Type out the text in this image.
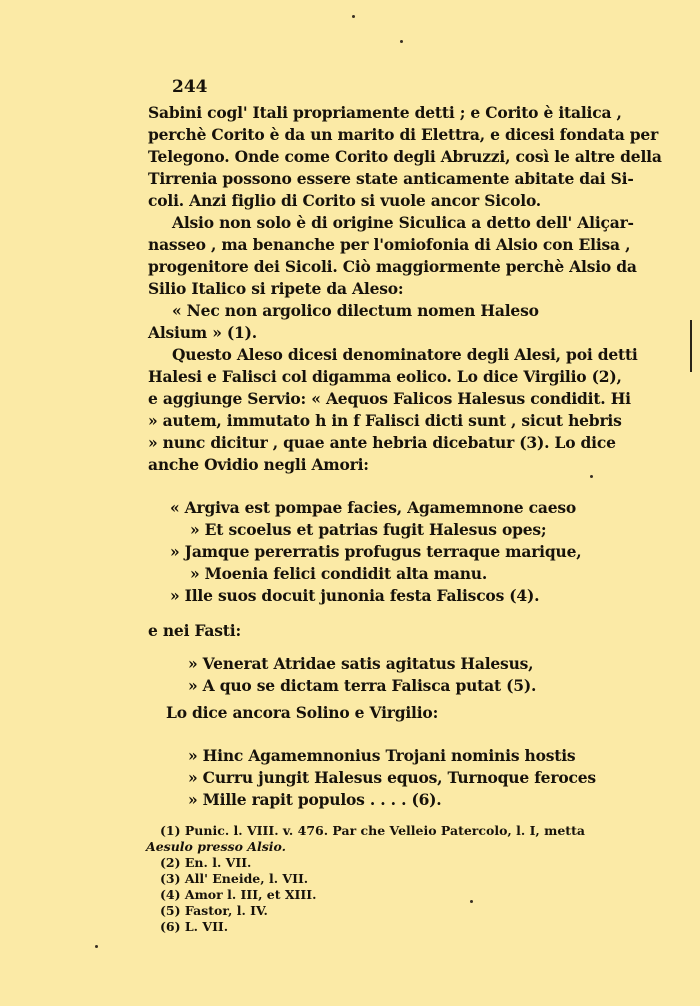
244
Sabini cogl' Itali propriamente detti ; e Corito è italica ,
perchè Corito è da un marito di Elettra, e dicesi fondata per
Telegono. Onde come Corito degli Abruzzi, così le altre della
Tirrenia possono essere state anticamente abitate dai Si-
coli. Anzi figlio di Corito si vuole ancor Sicolo.
Alsio non solo è di origine Siculica a detto dell' Aliçar-
nasseo , ma benanche per l'omiofonia di Alsio con Elisa ,
progenitore dei Sicoli. Ciò maggiormente perchè Alsio da
Silio Italico si ripete da Aleso:
« Nec non argolico dilectum nomen Haleso
Alsium » (1).
Questo Aleso dicesi denominatore degli Alesi, poi detti
Halesi e Falisci col digamma eolico. Lo dice Virgilio (2),
e aggiunge Servio: « Aequos Falicos Halesus condidit. Hi
» autem, immutato h in f Falisci dicti sunt , sicut hebris
» nunc dicitur , quae ante hebria dicebatur (3). Lo dice
anche Ovidio negli Amori:
« Argiva est pompae facies, Agamemnone caeso
» Et scoelus et patrias fugit Halesus opes;
» Jamque pererratis profugus terraque marique,
» Moenia felici condidit alta manu.
» Ille suos docuit junonia festa Faliscos (4).
e nei Fasti:
» Venerat Atridae satis agitatus Halesus,
» A quo se dictam terra Falisca putat (5).
Lo dice ancora Solino e Virgilio:
» Hinc Agamemnonius Trojani nominis hostis
» Curru jungit Halesus equos, Turnoque feroces
» Mille rapit populos . . . . (6).
(1) Punic. l. VIII. v. 476. Par che Velleio Patercolo, l. I, metta
Aesulo presso Alsio.
(2) En. l. VII.
(3) All' Eneide, l. VII.
(4) Amor l. III, et XIII.
(5) Fastor, l. IV.
(6) L. VII.
